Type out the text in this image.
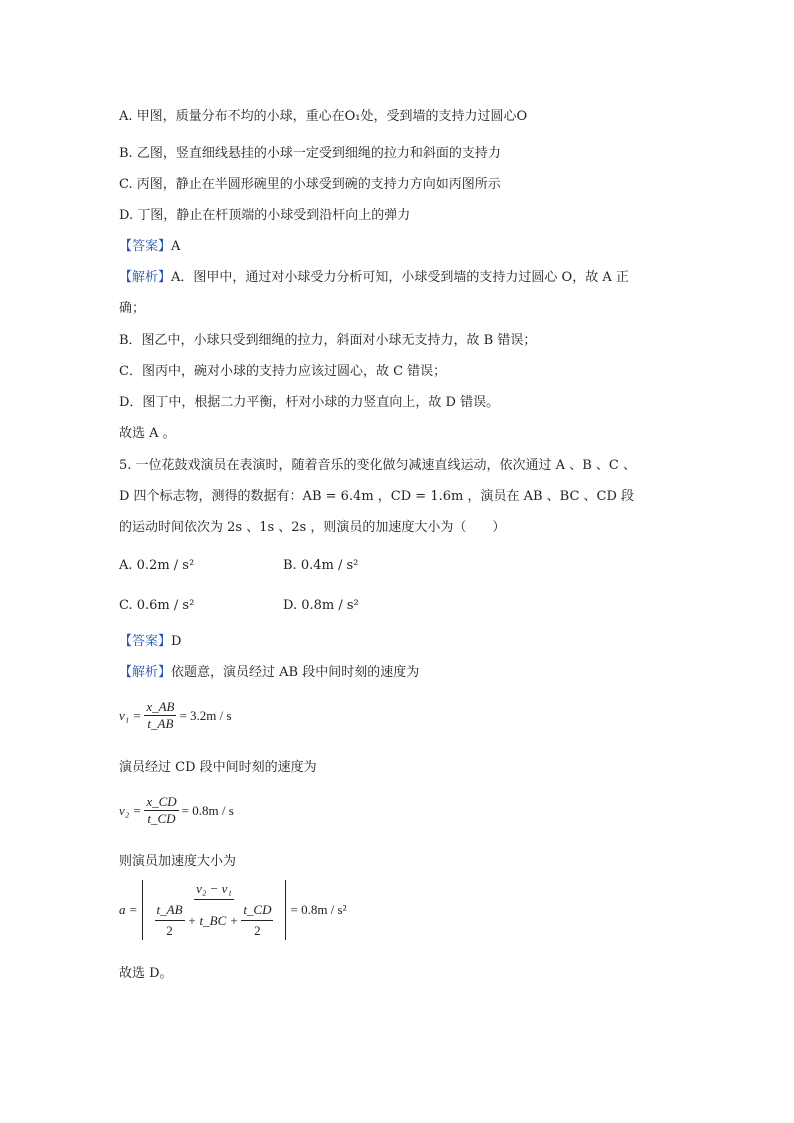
A. 甲图，质量分布不均的小球，重心在O₁处，受到墙的支持力过圆心O
B. 乙图，竖直细线悬挂的小球一定受到细绳的拉力和斜面的支持力
C. 丙图，静止在半圆形碗里的小球受到碗的支持力方向如丙图所示
D. 丁图，静止在杆顶端的小球受到沿杆向上的弹力
【答案】A
【解析】A．图甲中，通过对小球受力分析可知，小球受到墙的支持力过圆心 O，故 A 正
确；
B．图乙中，小球只受到细绳的拉力，斜面对小球无支持力，故 B 错误；
C．图丙中，碗对小球的支持力应该过圆心，故 C 错误；
D．图丁中，根据二力平衡，杆对小球的力竖直向上，故 D 错误。
故选 A 。
5. 一位花鼓戏演员在表演时，随着音乐的变化做匀减速直线运动，依次通过 A 、B 、C 、
D 四个标志物，测得的数据有：AB = 6.4m ，CD = 1.6m ，演员在 AB 、BC 、CD 段
的运动时间依次为 2s 、1s 、2s ，则演员的加速度大小为（　　）
A. 0.2m / s²	B. 0.4m / s²
C. 0.6m / s²	D. 0.8m / s²
【答案】D
【解析】依题意，演员经过 AB 段中间时刻的速度为
$v_1 = \frac{x\_AB}{t\_AB} = 3.2m / s$
演员经过 CD 段中间时刻的速度为
$v_2 = \frac{x\_CD}{t\_CD} = 0.8m / s$
则演员加速度大小为
a =
v₂ − v₁
$\frac{t\_AB}{2}$ + t_BC + $\frac{t\_CD}{2} = 0.8m / s^2$
故选 D。
